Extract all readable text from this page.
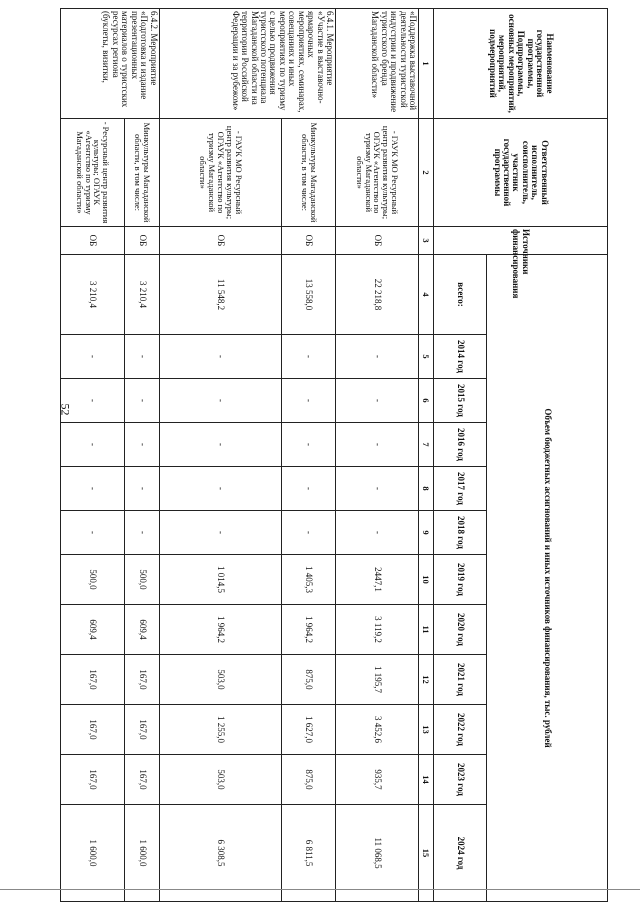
52
Наименование государственной программы, Подпрограммы, основных мероприятий, мероприятий, подмероприятий	Ответственный исполнитель, соисполнитель, участник государственной программы	Источники финансирования	Объем бюджетных ассигнований и иных источников финансирования, тыс. рублей											
			всего:	2014 год	2015 год	2016 год	2017 год	2018 год	2019 год	2020 год	2021 год	2022 год	2023 год	2024 год
1	2	3	4	5	6	7	8	9	10	11	12	13	14	15
«Поддержка выставочной деятельности туристской индустрии и продвижение туристского бренда Магаданской области»	- ГАУК МО Ресурсный центр развития культуры; ОГАУК «Агентство по туризму Магаданской области»	ОБ	22 218,8	-	-	-	-	-	2447,1	3 119,2	1 195,7	3 452,6	935,7	11 068,5
6.4.1. Мероприятие «Участие в выставочно-ярмарочных мероприятиях, семинарах, совещаниях и иных мероприятиях по туризму с целью продвижения туристского потенциала Магаданской области на территории Российской Федерации и за рубежом»	Минкультуры Магаданской области, в том числе:	ОБ	13 558,0	-	-	-	-	-	1 405,3	1 964,2	875,0	1 627,0	875,0	6 811,5
	- ГАУК МО Ресурсный центр развития культуры; ОГАУК «Агентство по туризму Магаданской области»	ОБ	11 548,2	-	-	-	-	-	1 014,5	1 964,2	503,0	1 255,0	503,0	6 308,5
6.4.2. Мероприятие «Подготовка и издание презентационных материалов о туристских ресурсах региона (буклеты, визитки,	Минкультуры Магаданской области, в том числе:	ОБ	3 210,4	-	-	-	-	-	500,0	609,4	167,0	167,0	167,0	1 600,0
	- Ресурсный центр развития культуры; ОГАУК «Агентство по туризму Магаданской области»	ОБ	3 210,4	-	-	-	-	-	500,0	609,4	167,0	167,0	167,0	1 600,0
